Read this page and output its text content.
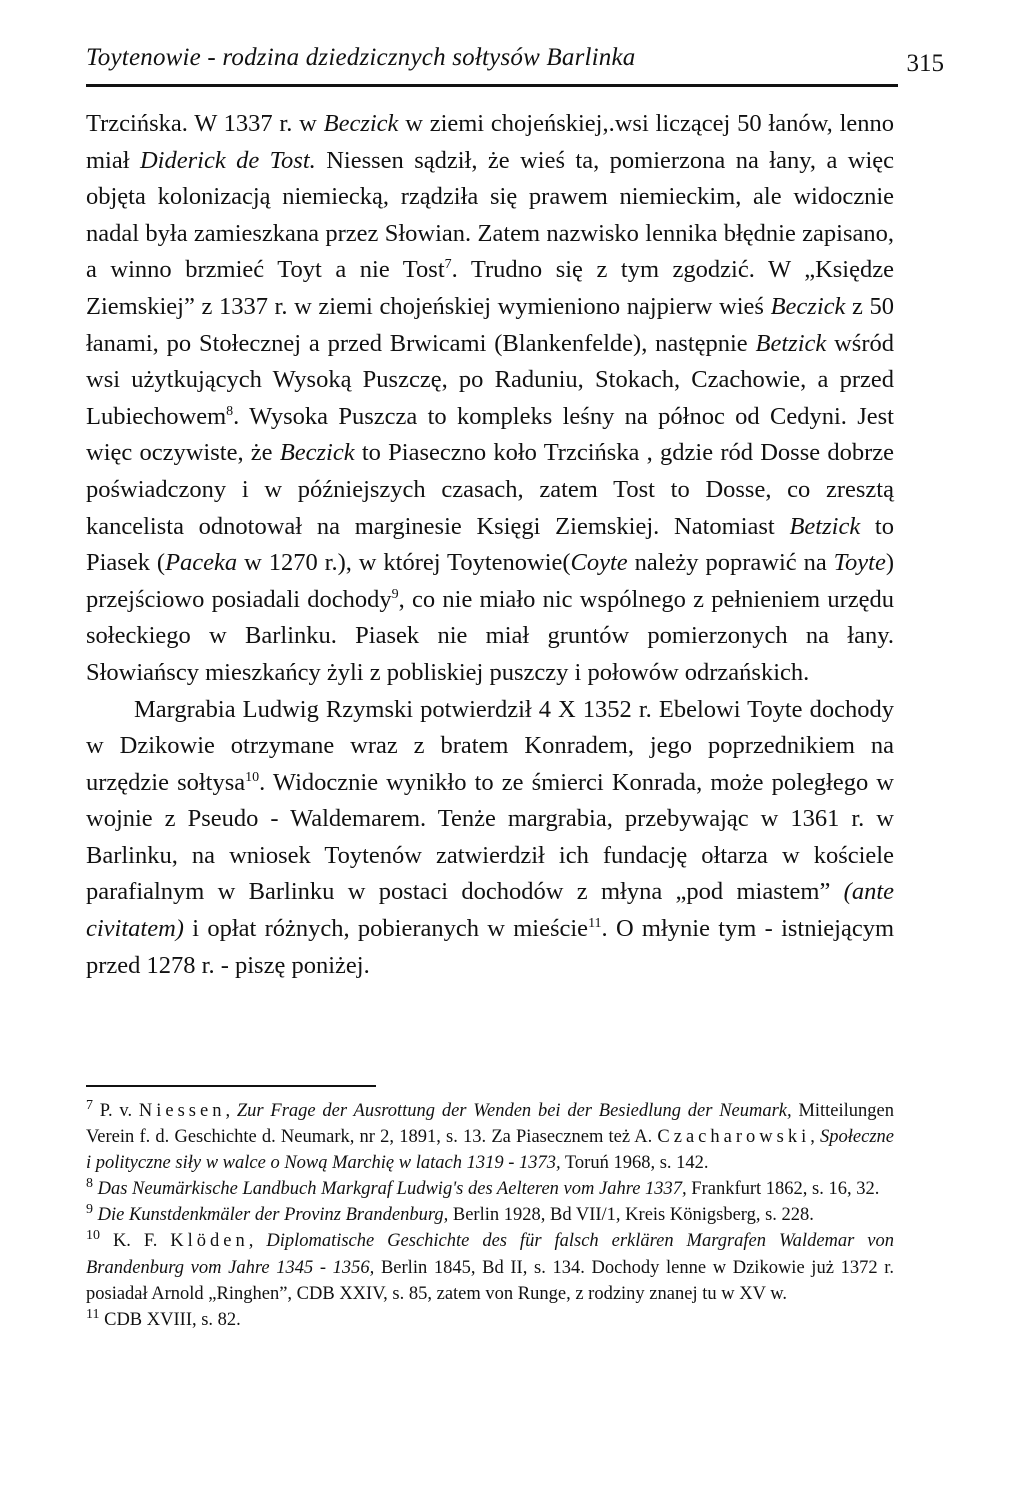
Toytenowie - rodzina dziedzicznych sołtysów Barlinka	315

Trzcińska. W 1337 r. w Beczick w ziemi chojeńskiej,.wsi liczącej 50 łanów, lenno miał Diderick de Tost. Niessen sądził, że wieś ta, pomierzona na łany, a więc objęta kolonizacją niemiecką, rządziła się prawem niemieckim, ale widocznie nadal była zamieszkana przez Słowian. Zatem nazwisko lennika błędnie zapisano, a winno brzmieć Toyt a nie Tost$^7$. Trudno się z tym zgodzić. W „Księdze Ziemskiej” z 1337 r. w ziemi chojeńskiej wymieniono najpierw wieś Beczick z 50 łanami, po Stołecznej a przed Brwicami (Blankenfelde), następnie Betzick wśród wsi użytkujących Wysoką Puszczę, po Raduniu, Stokach, Czachowie, a przed Lubiechowem$^8$. Wysoka Puszcza to kompleks leśny na północ od Cedyni. Jest więc oczywiste, że Beczick to Piaseczno koło Trzcińska , gdzie ród Dosse dobrze poświadczony i w późniejszych czasach, zatem Tost to Dosse, co zresztą kancelista odnotował na marginesie Księgi Ziemskiej. Natomiast Betzick to Piasek (Paceka w 1270 r.), w której Toytenowie(Coyte należy poprawić na Toyte) przejściowo posiadali dochody$^9$, co nie miało nic wspólnego z pełnieniem urzędu sołeckiego w Barlinku. Piasek nie miał gruntów pomierzonych na łany. Słowiańscy mieszkańcy żyli z pobliskiej puszczy i połowów odrzańskich.

Margrabia Ludwig Rzymski potwierdził 4 X 1352 r. Ebelowi Toyte dochody w Dzikowie otrzymane wraz z bratem Konradem, jego poprzednikiem na urzędzie sołtysa$^{10}$. Widocznie wynikło to ze śmierci Konrada, może poległego w wojnie z Pseudo - Waldemarem. Tenże margrabia, przebywając w 1361 r. w Barlinku, na wniosek Toytenów zatwierdził ich fundację ołtarza w kościele parafialnym w Barlinku w postaci dochodów z młyna „pod miastem” (ante civitatem) i opłat różnych, pobieranych w mieście$^{11}$. O młynie tym - istniejącym przed 1278 r. - piszę poniżej.

$^7$ P. v. Niessen, Zur Frage der Ausrottung der Wenden bei der Besiedlung der Neumark, Mitteilungen Verein f. d. Geschichte d. Neumark, nr 2, 1891, s. 13. Za Piasecznem też A. Czacharowski, Społeczne i polityczne siły w walce o Nową Marchię w latach 1319 - 1373, Toruń 1968, s. 142.

$^8$ Das Neumärkische Landbuch Markgraf Ludwig's des Aelteren vom Jahre 1337, Frankfurt 1862, s. 16, 32.

$^9$ Die Kunstdenkmäler der Provinz Brandenburg, Berlin 1928, Bd VII/1, Kreis Königsberg, s. 228.

$^{10}$ K. F. Klöden, Diplomatische Geschichte des für falsch erklären Margrafen Waldemar von Brandenburg vom Jahre 1345 - 1356, Berlin 1845, Bd II, s. 134. Dochody lenne w Dzikowie już 1372 r. posiadał Arnold „Ringhen”, CDB XXIV, s. 85, zatem von Runge, z rodziny znanej tu w XV w.

$^{11}$ CDB XVIII, s. 82.
